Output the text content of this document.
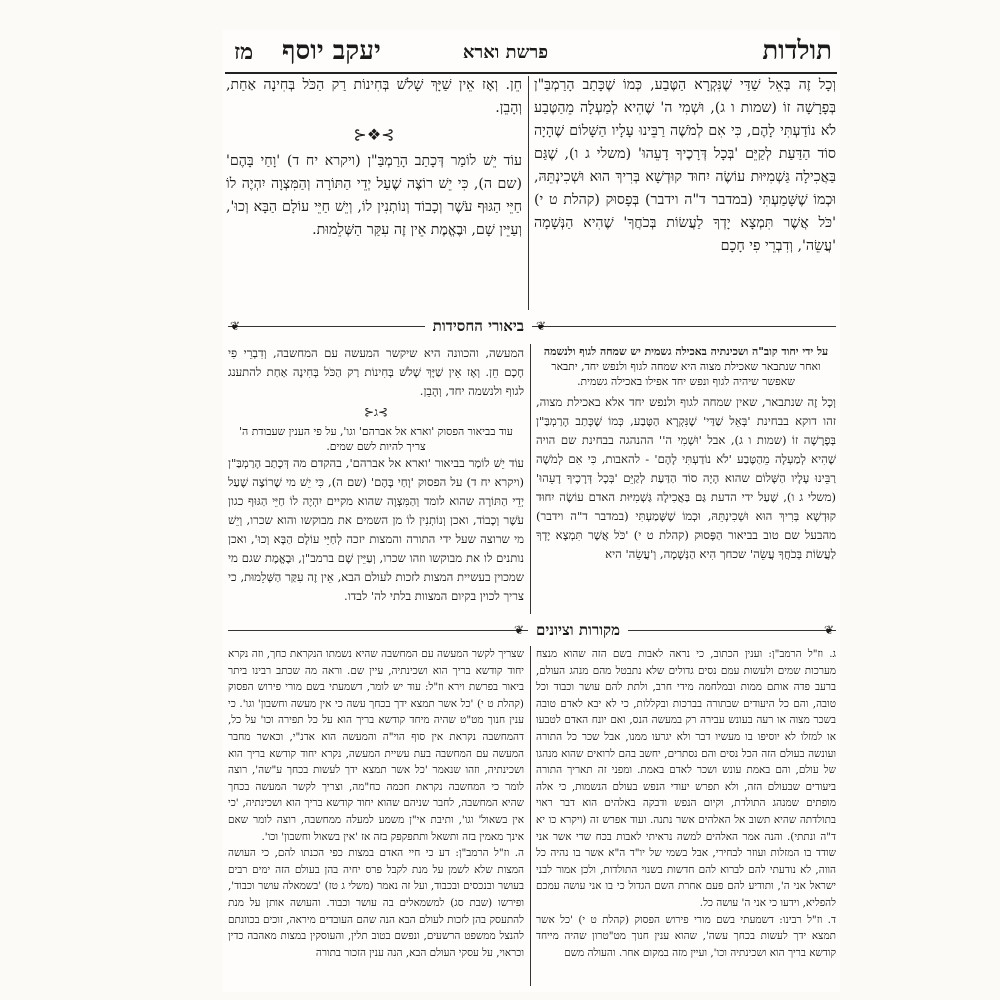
תולדות
פרשת וארא
יעקב יוסף
מז

וְכָל זֶה בְּאֵל שַׁדַּי שֶׁנִּקְרָא הַטֶּבַע, כְּמוֹ שֶׁכָּתַב הָרַמְבַּ"ן בְּפָרָשָׁה זוֹ (שמות ו ג), וּשְׁמִי ה' שֶׁהִיא לְמַעְלָה מֵהַטֶּבַע לֹא נוֹדַעְתִּי לָהֶם, כִּי אִם לְמֹשֶׁה רַבֵּינוּ עָלָיו הַשָּׁלוֹם שֶׁהָיָה סוֹד הַדַּעַת לְקַיֵּם 'בְּכָל דְּרָכֶיךָ דָעֵהוּ' (משלי ג ו), שֶׁגַּם בַּאֲכִילָה גַּשְׁמִיּוּת עוֹשֶׂה יִחוּד קוּדְשָׁא בְּרִיךְ הוּא וּשְׁכִינְתֵּהּ, וּכְמוֹ שֶׁשָּׁמַעְתִּי (במדבר ד"ה וידבר) בְּפָסוּק (קהלת ט י) 'כֹּל אֲשֶׁר תִּמְצָא יָדְךָ לַעֲשׂוֹת בְּכֹחֲךָ' שֶׁהִיא הַנְּשָׁמָה 'עֲשֵׂה', וְדִבְרֵי פִי חָכָם

חֵן. וְאָז אֵין שַׁיָּךְ שָׁלֹשׁ בְּחִינוֹת רַק הַכֹּל בְּחִינָה אַחַת, וְהָבֵן.

⊱❖⊰

עוֹד יֵשׁ לוֹמַר דְּכָתַב הָרַמְבַּ"ן (ויקרא יח ד) 'וָחַי בָּהֶם' (שם ה), כִּי יֵשׁ רוֹצֶה שֶׁעַל יְדֵי הַתּוֹרָה וְהַמִּצְוָה יִהְיֶה לוֹ חַיֵּי הַגּוּף עֹשֶׁר וְכָבוֹד וְנוֹתְנִין לוֹ, וְיֵשׁ חַיֵּי עוֹלָם הַבָּא וְכוּ', וְעַיֵּין שָׁם, וּבֶאֱמֶת אֵין זֶה עִקַּר הַשְּׁלֵמוּת.

❦	ביאורי החסידות ❦

על ידי יחוד קוב"ה ושכינתיה באכילה גשמית יש שמחה לגוף ולנשמה

ואחר שנתבאר שאכילת מצוה היא שמחה לגוף ולנפש יחד, יתבאר שאפשר שיהיה לגוף ונפש יחד אפילו באכילה גשמית.

וְכָל זֶה שנתבאר, שאין שמחה לגוף ולנפש יחד אלא באכילת מצוה, זהו דוקא בבחינת 'בְּאֵל שַׁדַּי' שֶׁנִּקְרָא הַטֶּבַע, כְּמוֹ שֶׁכָּתַב הָרַמְבַּ"ן בְּפָרָשָׁה זוֹ (שמות ו ג), אבל 'וּשְׁמִי ה'' ההנהגה בבחינת שם הויה שֶׁהִיא לְמַעְלָה מֵהַטֶּבַע 'לֹא נוֹדַעְתִּי לָהֶם' - להאבות, כִּי אִם לְמֹשֶׁה רַבֵּינוּ עָלָיו הַשָּׁלוֹם שהוא הָיָה סוֹד הַדַּעַת לְקַיֵּם 'בְּכָל דְּרָכֶיךָ דָעֵהוּ' (משלי ג ו), שֶׁעַל ידי הדעת גַּם בַּאֲכִילָה גַּשְׁמִיּוּת האדם עוֹשֶׂה יִחוּד קוּדְשָׁא בְּרִיךְ הוּא וּשְׁכִינְתֵּהּ, וּכְמוֹ שֶׁשָּׁמַעְתִּי (במדבר ד"ה וידבר) מהבעל שם טוב בביאור הַפָּסוּק (קהלת ט י) 'כֹּל אֲשֶׁר תִּמְצָא יָדְךָ לַעֲשׂוֹת בְּכֹחֲךָ עֲשֵׂה' שכחך הִיא הַנְּשָׁמָה, וְ'עֲשֵׂה' היא

המעשה, והכוונה היא שיקשר המעשה עם המחשבה, וְדִבְרֵי פִי חָכָם חֵן. וְאָז אֵין שַׁיָּךְ שָׁלֹשׁ בְּחִינוֹת רַק הַכֹּל בְּחִינָה אַחַת להתענג לגוף ולנשמה יחד, וְהָבֵן.

⊱ג⊰

עוד בביאור הפסוק 'וארא אל אברהם' וגו', על פי הענין שעבודת ה' צריך להיות לשם שמים.

עוֹד יֵשׁ לוֹמַר בביאור 'וארא אל אברהם', בהקדם מה דְּכָתַב הָרַמְבַּ"ן (ויקרא יח ד) על הפסוק 'וָחַי בָּהֶם' (שם ה), כִּי יֵשׁ מי שֶׁרוֹצֶה שֶׁעַל יְדֵי הַתּוֹרָה שהוא לומד וְהַמִּצְוָה שהוא מקיים יִהְיֶה לוֹ חַיֵּי הַגּוּף כגון עֹשֶׁר וְכָבוֹד, ואכן וְנוֹתְנִין לוֹ מן השמים את מבוקשו והוא שכרו, וְיֵשׁ מי שרוצה שעל ידי התורה והמצות יזכה לְחַיֵּי עוֹלָם הַבָּא וְכוּ', ואכן נותנים לו את מבוקשו וזהו שכרו, וְעַיֵּין שָׁם ברמב"ן, וּבֶאֱמֶת שגם מי שמכוין בעשיית המצות לזכות לעולם הבא, אֵין זֶה עִקַּר הַשְּׁלֵמוּת, כי צריך לכוין בקיום המצוות בלתי לה' לבדו.

❦
מקורות וציונים
❦

ג. וז"ל הרמב"ן: וענין הכתוב, כי נראה לאבות בשם הזה שהוא מנצח מערכות שמים ולעשות עמם נסים גדולים שלא נתבטל מהם מנהג העולם, ברעב פדה אותם ממות ובמלחמה מידי חרב, ולתת להם עושר וכבוד וכל טובה, והם כל היעודים שבתורה בברכות ובקללות, כי לא יבא לאדם טובה בשכר מצוה או רעה בעונש עבירה רק במעשה הנס, ואם יונח האדם לטבעו או למזלו לא יוסיפו בו מעשיו דבר ולא יגרעו ממנו, אבל שכר כל התורה ועונשה בעולם הזה הכל נסים והם נסתרים, יחשב בהם לרואים שהוא מנהגו של עולם, והם באמת עונש ושכר לאדם באמת. ומפני זה תאריך התורה ביעודים שבעולם הזה, ולא תפרש יעודי הנפש בעולם הנשמות, כי אלה מופתים שמנהג התולדת, וקיום הנפש ודבקה באלהים הוא דבר ראוי בתולדתה שהיא תשוב אל האלהים אשר נתנה. ועוד אפרש זה (ויקרא כו יא ד"ה ונתתי). והנה אמר האלהים למשה נראיתי לאבות בכח שדי אשר אני שודד בו המזלות ועוזר לבחירי, אבל בשמי של יו"ד ה"א אשר בו נהיה כל הווה, לא נודעתי להם לברוא להם חדשות בשנוי התולדות, ולכן אמור לבני ישראל אני ה', ותודיע להם פעם אחרת השם הגדול כי בו אני עושה עמכם להפליא, וידעו כי אני ה' עושה כל.

ד. וז"ל רבינו: דשמעתי בשם מורי פירוש הפסוק (קהלת ט י) 'כל אשר תמצא ידך לעשות בכחך עשה', שהוא ענין חנוך מט"טרון שהיה מייחד קודשא בריך הוא ושכינתיה וכו', ועיין מזה במקום אחר. והעולה משם

שצריך לקשר המעשה עם המחשבה שהיא נשמתו הנקראת כחך, וזה נקרא יחוד קודשא בריך הוא ושכינתיה, עיין שם. וראה מה שכתב רבינו ביתר ביאור בפרשת וירא וז"ל: עוד יש לומר, דשמעתי בשם מורי פירוש הפסוק (קהלת ט י) 'כל אשר תמצא ידך בכחך עשה כי אין מעשה וחשבון' וגו'. כי ענין חנוך מט"ט שהיה מיחד קודשא בריך הוא על כל תפירה וכו' על כל, דהמחשבה נקראת אין סוף הוי"ה והמעשה הוא אדנ"י, וכאשר מחבר המעשה עם המחשבה בעת עשיית המעשה, נקרא יחוד קודשא בריך הוא ושכינתיה, וזהו שנאמר 'כל אשר תמצא ידך לעשות בכחך ע"שה', רוצה לומר כי המחשבה נקראת חכמה כח"מה, וצריך לקשר המעשה בכחך שהיא המחשבה, לחבר שניהם שהוא יחוד קודשא בריך הוא ושכינתיה, 'כי אין בשאול' וגו', ותיבת אי"ן משמע למעלה ממחשבה, רוצה לומר שאם אינך מאמין בזה ותשאל ותתפקפק בזה אז 'אין בשאול וחשבון' וכו'.

ה. וז"ל הרמב"ן: דע כי חיי האדם במצות כפי הכנתו להם, כי העושה המצות שלא לשמן על מנת לקבל פרס יחיה בהן בעולם הזה ימים רבים בעושר ובנכסים ובכבוד, ועל זה נאמר (משלי ג טז) 'בשמאלה עושר וכבוד', ופירשו (שבת סג) למשמאלים בה עושר וכבוד. והעושה אותן על מנת להתעסק בהן לזכות לעולם הבא הנה שהם העובדים מיראה, זוכים בכוונתם להנצל ממשפט הרשעים, ונפשם בטוב תלין, והעוסקין במצות מאהבה כדין וכראוי, על עסקי העולם הבא, הנה ענין הזכור בתורה
